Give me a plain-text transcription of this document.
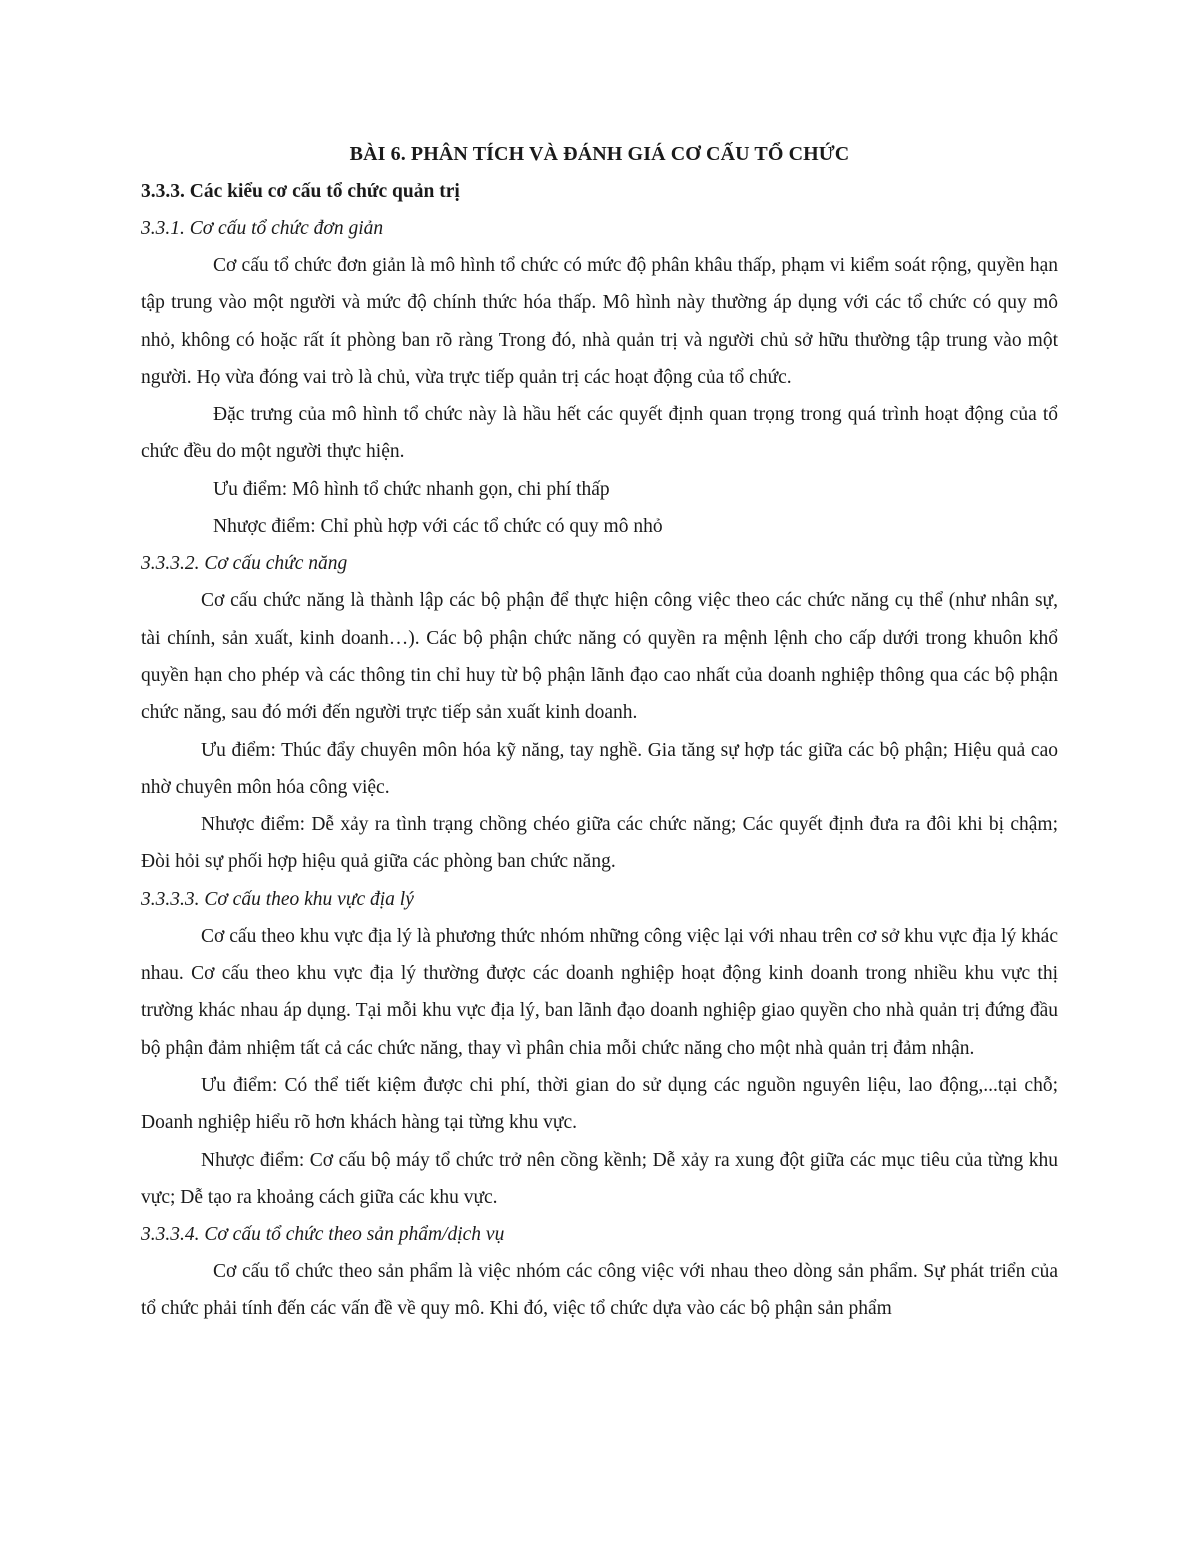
BÀI 6. PHÂN TÍCH VÀ ĐÁNH GIÁ CƠ CẤU TỔ CHỨC

3.3.3. Các kiểu cơ cấu tổ chức quản trị

3.3.1. Cơ cấu tổ chức đơn giản

Cơ cấu tổ chức đơn giản là mô hình tổ chức có mức độ phân khâu thấp, phạm vi kiểm soát rộng, quyền hạn tập trung vào một người và mức độ chính thức hóa thấp. Mô hình này thường áp dụng với các tổ chức có quy mô nhỏ, không có hoặc rất ít phòng ban rõ ràng Trong đó, nhà quản trị và người chủ sở hữu thường tập trung vào một người. Họ vừa đóng vai trò là chủ, vừa trực tiếp quản trị các hoạt động của tổ chức.

Đặc trưng của mô hình tổ chức này là hầu hết các quyết định quan trọng trong quá trình hoạt động của tổ chức đều do một người thực hiện.

Ưu điểm: Mô hình tổ chức nhanh gọn, chi phí thấp

Nhược điểm: Chỉ phù hợp với các tổ chức có quy mô nhỏ

3.3.3.2. Cơ cấu chức năng

Cơ cấu chức năng là thành lập các bộ phận để thực hiện công việc theo các chức năng cụ thể (như nhân sự, tài chính, sản xuất, kinh doanh…). Các bộ phận chức năng có quyền ra mệnh lệnh cho cấp dưới trong khuôn khổ quyền hạn cho phép và các thông tin chỉ huy từ bộ phận lãnh đạo cao nhất của doanh nghiệp thông qua các bộ phận chức năng, sau đó mới đến người trực tiếp sản xuất kinh doanh.

Ưu điểm: Thúc đẩy chuyên môn hóa kỹ năng, tay nghề. Gia tăng sự hợp tác giữa các bộ phận; Hiệu quả cao nhờ chuyên môn hóa công việc.

Nhược điểm: Dễ xảy ra tình trạng chồng chéo giữa các chức năng; Các quyết định đưa ra đôi khi bị chậm; Đòi hỏi sự phối hợp hiệu quả giữa các phòng ban chức năng.

3.3.3.3. Cơ cấu theo khu vực địa lý

Cơ cấu theo khu vực địa lý là phương thức nhóm những công việc lại với nhau trên cơ sở khu vực địa lý khác nhau. Cơ cấu theo khu vực địa lý thường được các doanh nghiệp hoạt động kinh doanh trong nhiều khu vực thị trường khác nhau áp dụng. Tại mỗi khu vực địa lý, ban lãnh đạo doanh nghiệp giao quyền cho nhà quản trị đứng đầu bộ phận đảm nhiệm tất cả các chức năng, thay vì phân chia mỗi chức năng cho một nhà quản trị đảm nhận.

Ưu điểm: Có thể tiết kiệm được chi phí, thời gian do sử dụng các nguồn nguyên liệu, lao động,...tại chỗ; Doanh nghiệp hiểu rõ hơn khách hàng tại từng khu vực.

Nhược điểm: Cơ cấu bộ máy tổ chức trở nên cồng kềnh; Dễ xảy ra xung đột giữa các mục tiêu của từng khu vực; Dễ tạo ra khoảng cách giữa các khu vực.

3.3.3.4. Cơ cấu tổ chức theo sản phẩm/dịch vụ

Cơ cấu tổ chức theo sản phẩm là việc nhóm các công việc với nhau theo dòng sản phẩm. Sự phát triển của tổ chức phải tính đến các vấn đề về quy mô. Khi đó, việc tổ chức dựa vào các bộ phận sản phẩm
